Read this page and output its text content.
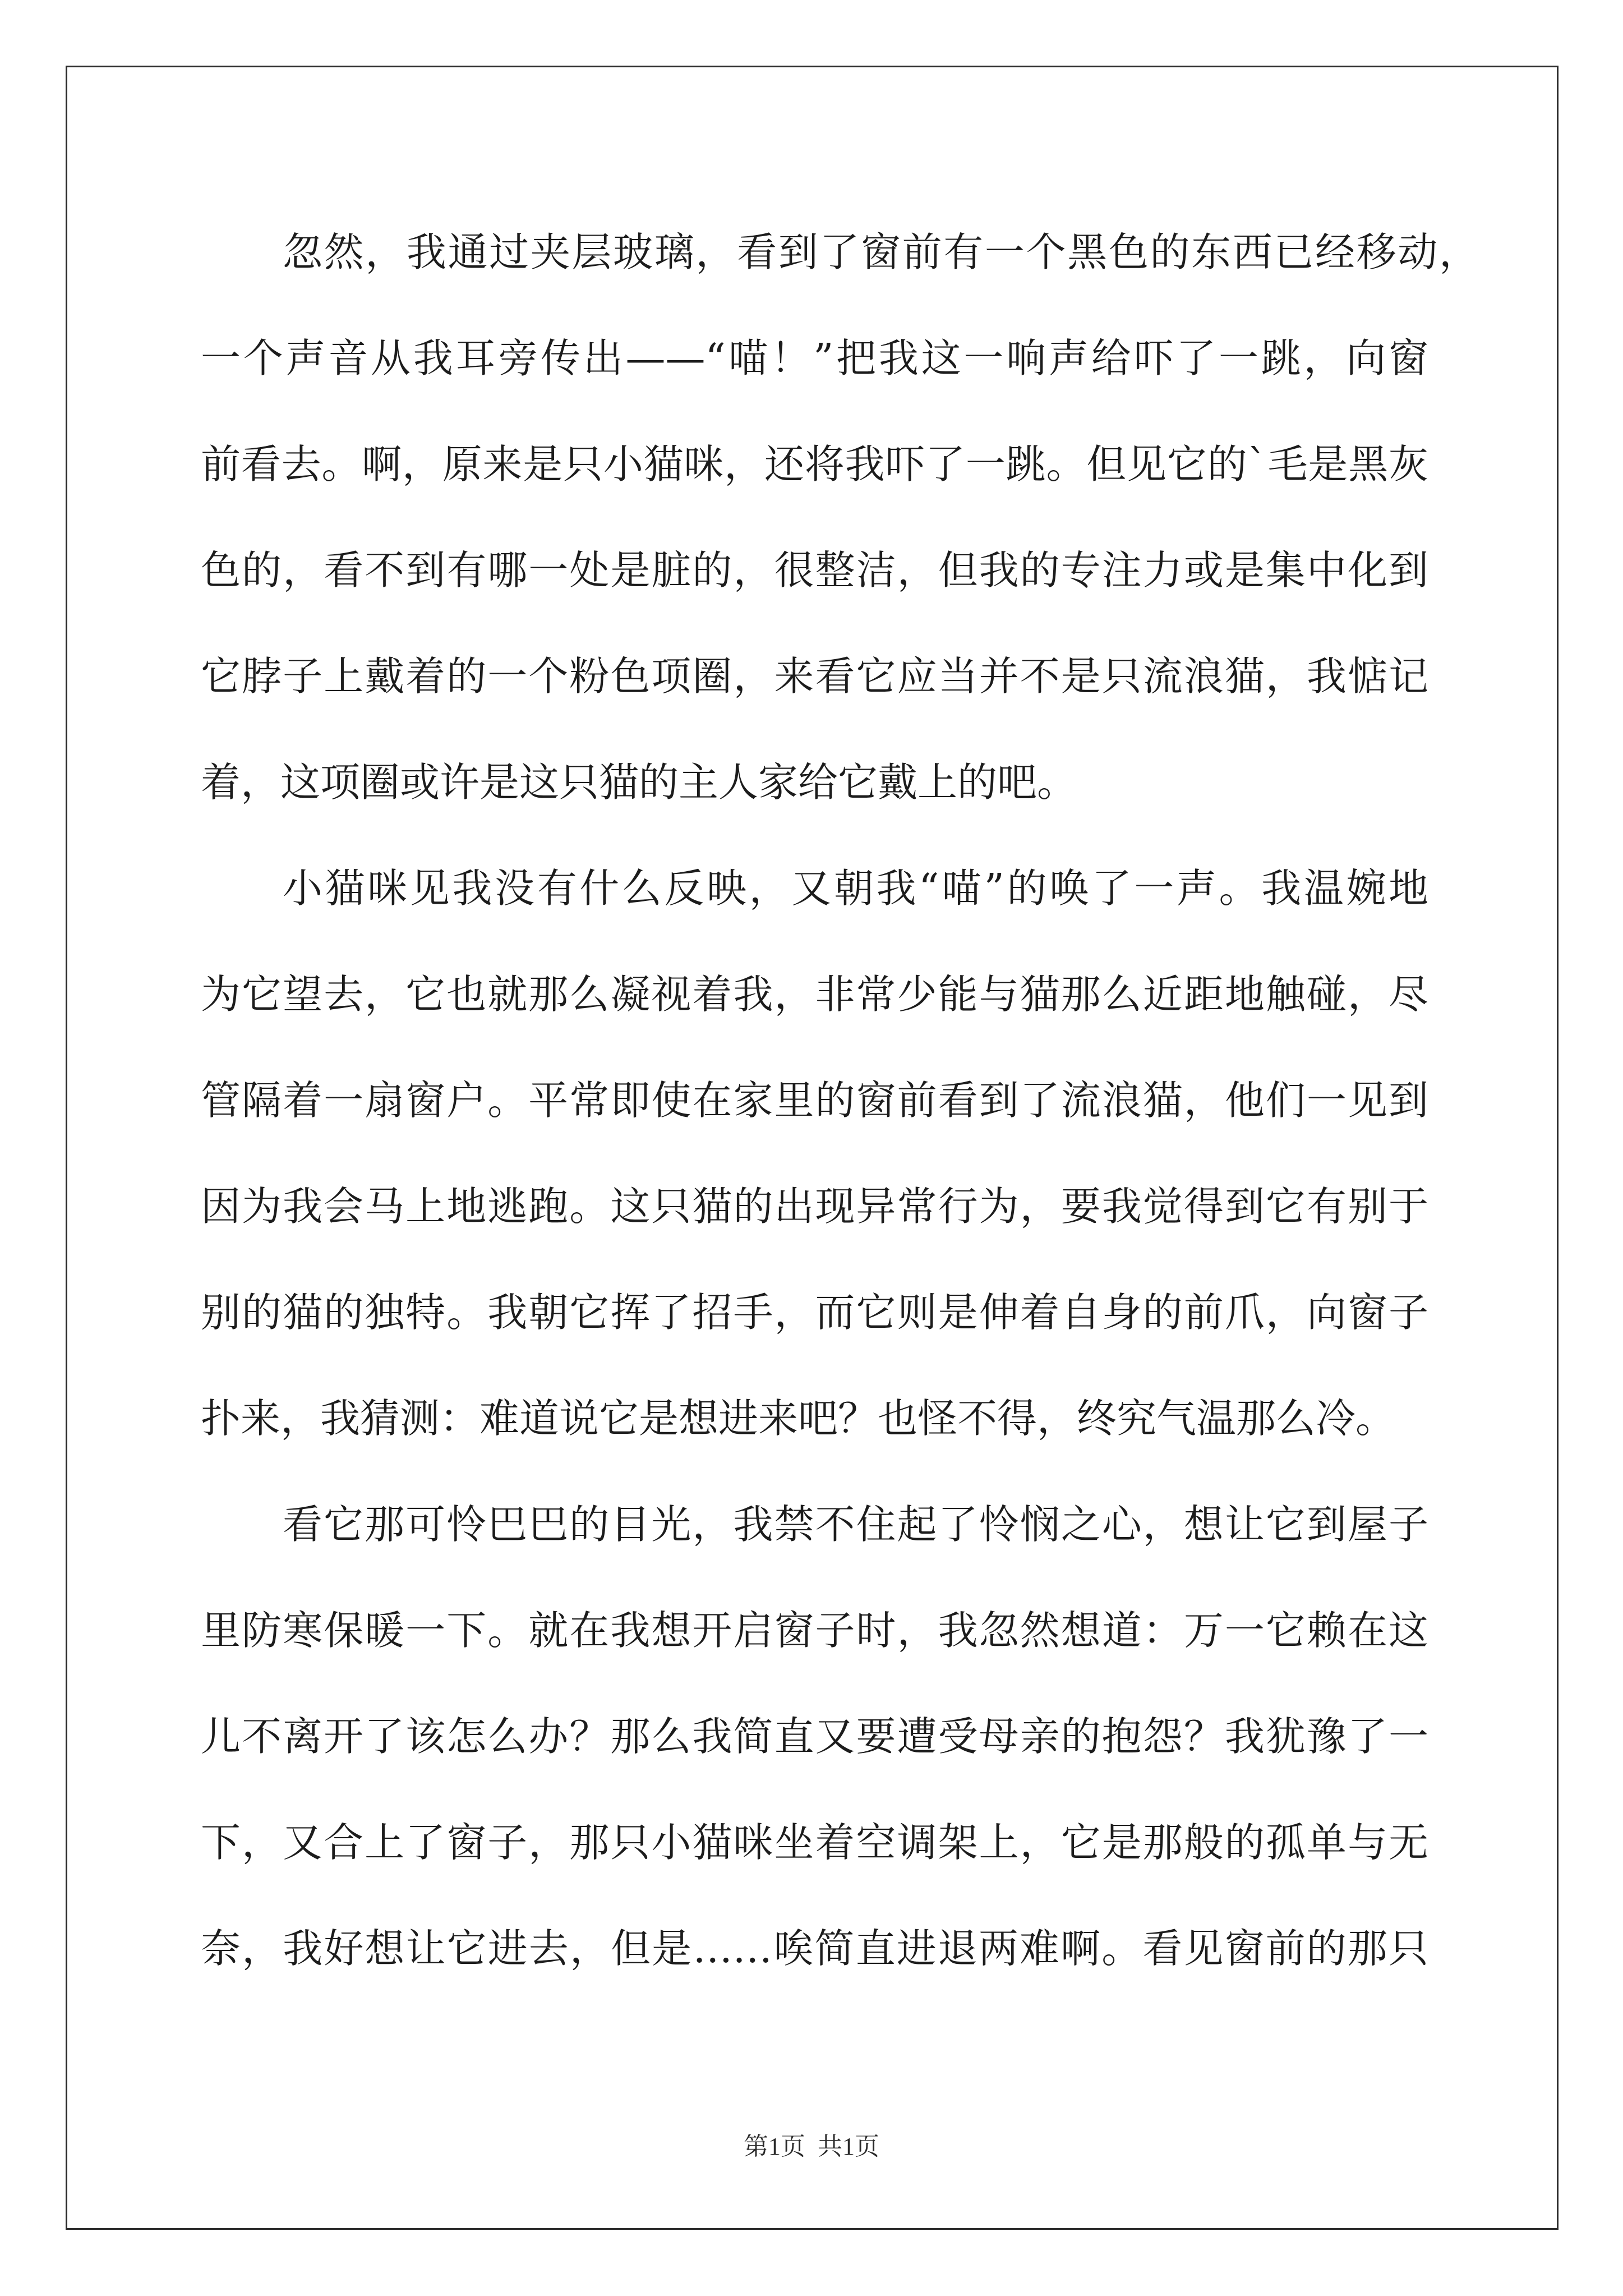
忽然，我通过夹层玻璃，看到了窗前有一个黑色的东西已经移动，
一个声音从我耳旁传出——“喵！”把我这一响声给吓了一跳，向窗
前看去。啊，原来是只小猫咪，还将我吓了一跳。但见它的`毛是黑灰
色的，看不到有哪一处是脏的，很整洁，但我的专注力或是集中化到
它脖子上戴着的一个粉色项圈，来看它应当并不是只流浪猫，我惦记
着，这项圈或许是这只猫的主人家给它戴上的吧。
小猫咪见我没有什么反映，又朝我“喵”的唤了一声。我温婉地
为它望去，它也就那么凝视着我，非常少能与猫那么近距地触碰，尽
管隔着一扇窗户。平常即使在家里的窗前看到了流浪猫，他们一见到
因为我会马上地逃跑。这只猫的出现异常行为，要我觉得到它有别于
别的猫的独特。我朝它挥了招手，而它则是伸着自身的前爪，向窗子
扑来，我猜测：难道说它是想进来吧？也怪不得，终究气温那么冷。
看它那可怜巴巴的目光，我禁不住起了怜悯之心，想让它到屋子
里防寒保暖一下。就在我想开启窗子时，我忽然想道：万一它赖在这
儿不离开了该怎么办？那么我简直又要遭受母亲的抱怨？我犹豫了一
下，又合上了窗子，那只小猫咪坐着空调架上，它是那般的孤单与无
奈，我好想让它进去，但是……唉简直进退两难啊。看见窗前的那只
第1页  共1页
